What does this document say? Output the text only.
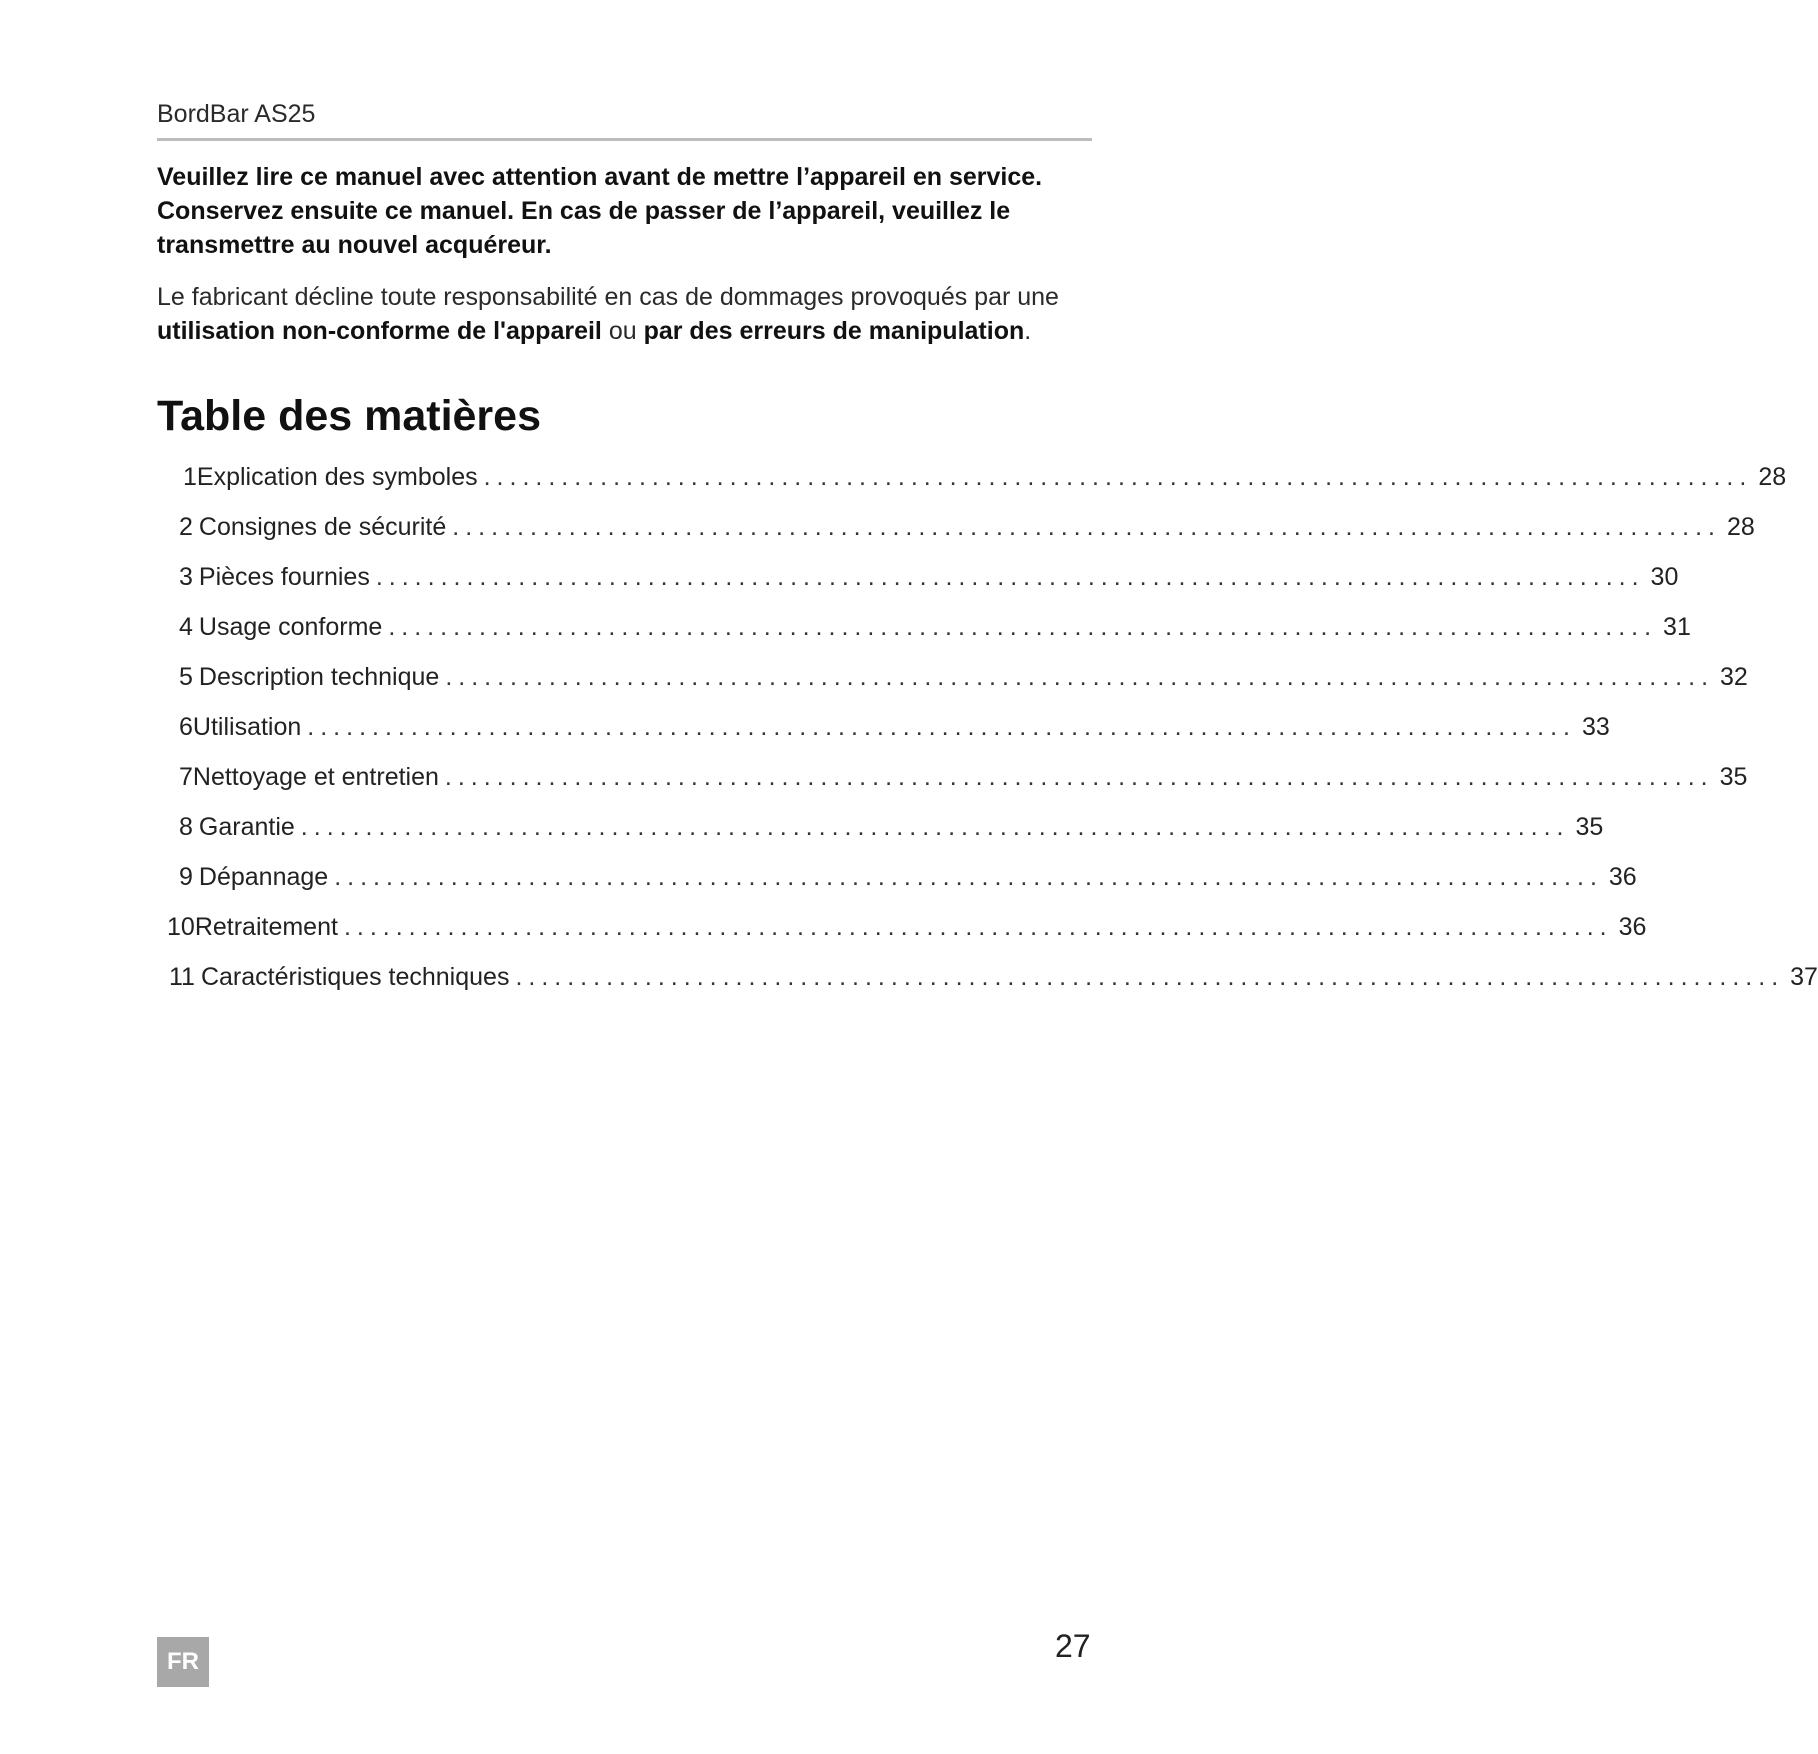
BordBar AS25
Veuillez lire ce manuel avec attention avant de mettre l’appareil en service. Conservez ensuite ce manuel. En cas de passer de l’appareil, veuillez le transmettre au nouvel acquéreur.
Le fabricant décline toute responsabilité en cas de dommages provoqués par une utilisation non-conforme de l'appareil ou par des erreurs de manipulation.
Table des matières
1 Explication des symboles .................................................................................................. 28
2 Consignes de sécurité .................................................................................................. 28
3 Pièces fournies .................................................................................................. 30
4 Usage conforme .................................................................................................. 31
5 Description technique .................................................................................................. 32
6 Utilisation .................................................................................................. 33
7 Nettoyage et entretien .................................................................................................. 35
8 Garantie .................................................................................................. 35
9 Dépannage .................................................................................................. 36
10 Retraitement .................................................................................................. 36
11 Caractéristiques techniques .................................................................................................. 37
FR	27
